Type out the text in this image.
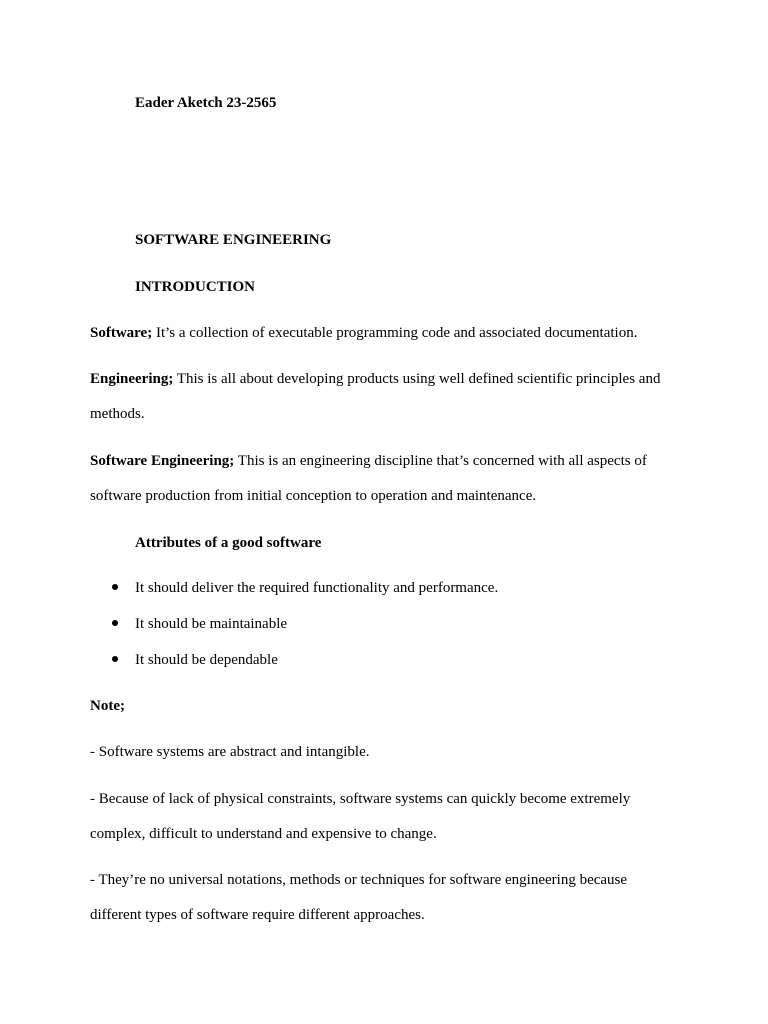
Eader Aketch 23-2565
SOFTWARE ENGINEERING
INTRODUCTION
Software; It’s a collection of executable programming code and associated documentation.
Engineering; This is all about developing products using well defined scientific principles and
methods.
Software Engineering; This is an engineering discipline that’s concerned with all aspects of
software production from initial conception to operation and maintenance.
Attributes of a good software
It should deliver the required functionality and performance.
It should be maintainable
It should be dependable
Note;
- Software systems are abstract and intangible.
- Because of lack of physical constraints, software systems can quickly become extremely
complex, difficult to understand and expensive to change.
- They’re no universal notations, methods or techniques for software engineering because
different types of software require different approaches.
